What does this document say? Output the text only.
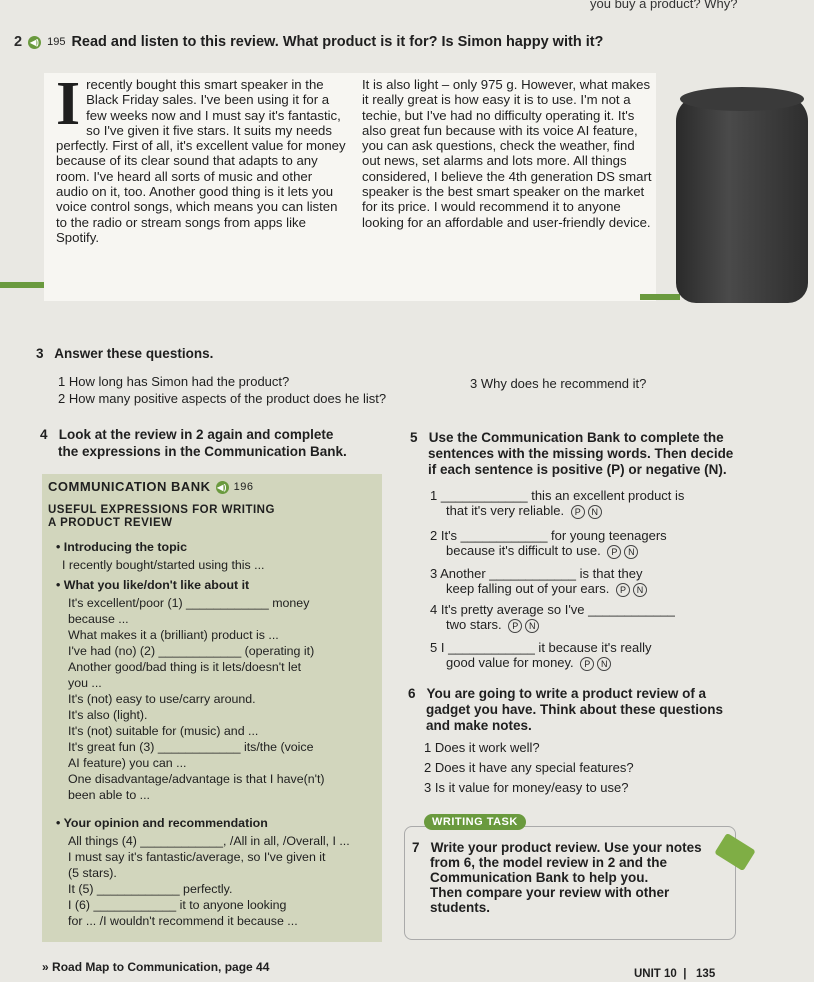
you buy a product? Why?
2 ◀) 195 Read and listen to this review. What product is it for? Is Simon happy with it?
I recently bought this smart speaker in the Black Friday sales. I've been using it for a few weeks now and I must say it's fantastic, so I've given it five stars. It suits my needs perfectly. First of all, it's excellent value for money because of its clear sound that adapts to any room. I've heard all sorts of music and other audio on it, too. Another good thing is it lets you voice control songs, which means you can listen to the radio or stream songs from apps like Spotify.
It is also light – only 975 g. However, what makes it really great is how easy it is to use. I'm not a techie, but I've had no difficulty operating it. It's also great fun because with its voice AI feature, you can ask questions, check the weather, find out news, set alarms and lots more. All things considered, I believe the 4th generation DS smart speaker is the best smart speaker on the market for its price. I would recommend it to anyone looking for an affordable and user-friendly device.
3 Answer these questions.
1 How long has Simon had the product?	3 Why does he recommend it?
2 How many positive aspects of the product does he list?
4 Look at the review in 2 again and complete
the expressions in the Communication Bank.
COMMUNICATION BANK ◀) 196
USEFUL EXPRESSIONS FOR WRITING
A PRODUCT REVIEW
• Introducing the topic
I recently bought/started using this ...
• What you like/don't like about it
It's excellent/poor (1) ____________ money
because ...
What makes it a (brilliant) product is ...
I've had (no) (2) ____________ (operating it)
Another good/bad thing is it lets/doesn't let
you ...
It's (not) easy to use/carry around.
It's also (light).
It's (not) suitable for (music) and ...
It's great fun (3) ____________ its/the (voice
AI feature) you can ...
One disadvantage/advantage is that I have(n't)
been able to ...
• Your opinion and recommendation
All things (4) ____________, /All in all, /Overall, I ...
I must say it's fantastic/average, so I've given it
(5 stars).
It (5) ____________ perfectly.
I (6) ____________ it to anyone looking
for ... /I wouldn't recommend it because ...
5 Use the Communication Bank to complete the
sentences with the missing words. Then decide
if each sentence is positive (P) or negative (N).
1 ____________ this an excellent product is
that it's very reliable. P N
2 It's ____________ for young teenagers
because it's difficult to use. P N
3 Another ____________ is that they
keep falling out of your ears. P N
4 It's pretty average so I've ____________
two stars. P N
5 I ____________ it because it's really
good value for money. P N
6 You are going to write a product review of a
gadget you have. Think about these questions
and make notes.
1 Does it work well?
2 Does it have any special features?
3 Is it value for money/easy to use?
WRITING TASK
7 Write your product review. Use your notes
from 6, the model review in 2 and the
Communication Bank to help you.
Then compare your review with other
students.
» Road Map to Communication, page 44	UNIT 10  |   135
